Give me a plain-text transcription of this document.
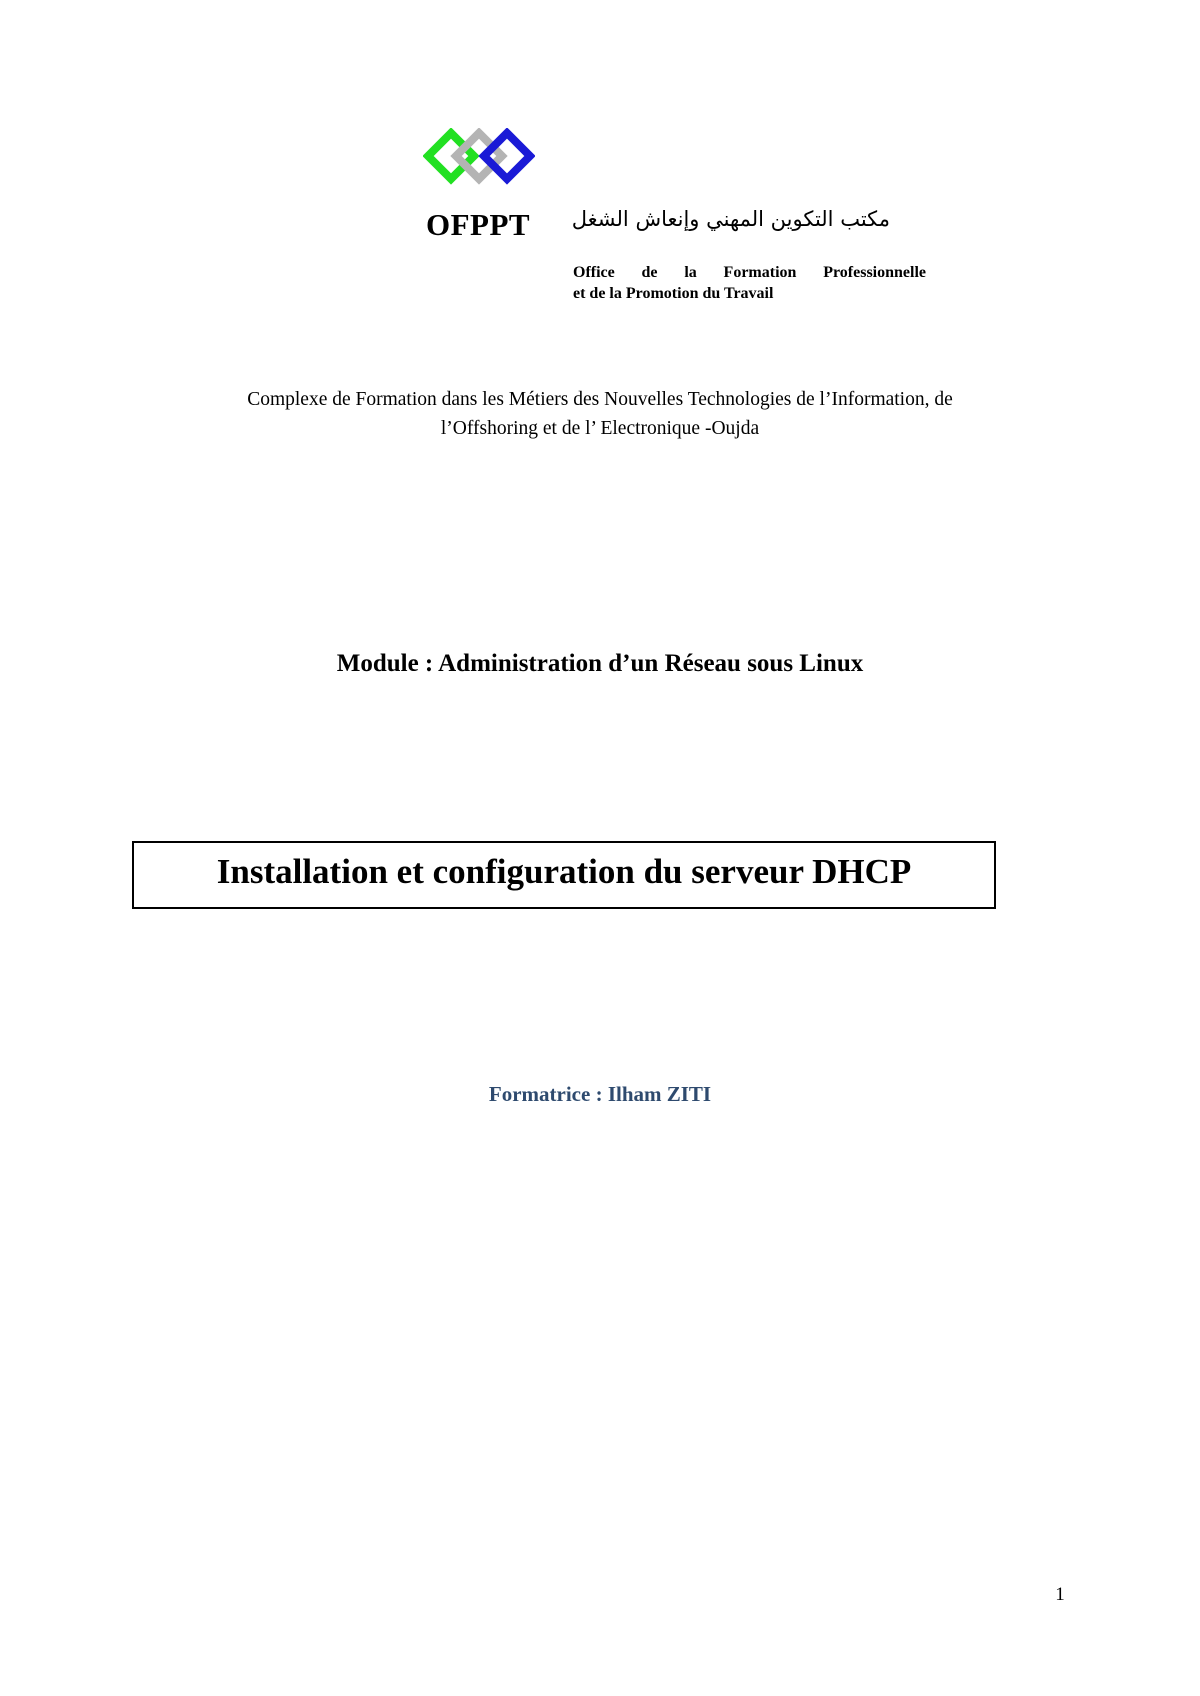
OFPPT	مكتب التكوين المهني وإنعاش الشغل
Office de la Formation Professionnelle
et de la Promotion du Travail
Complexe de Formation dans les Métiers des Nouvelles Technologies de l’Information, de
l’Offshoring et de l’ Electronique -Oujda
Module : Administration d’un Réseau sous Linux
Installation et configuration du serveur DHCP
Formatrice : Ilham ZITI
1
